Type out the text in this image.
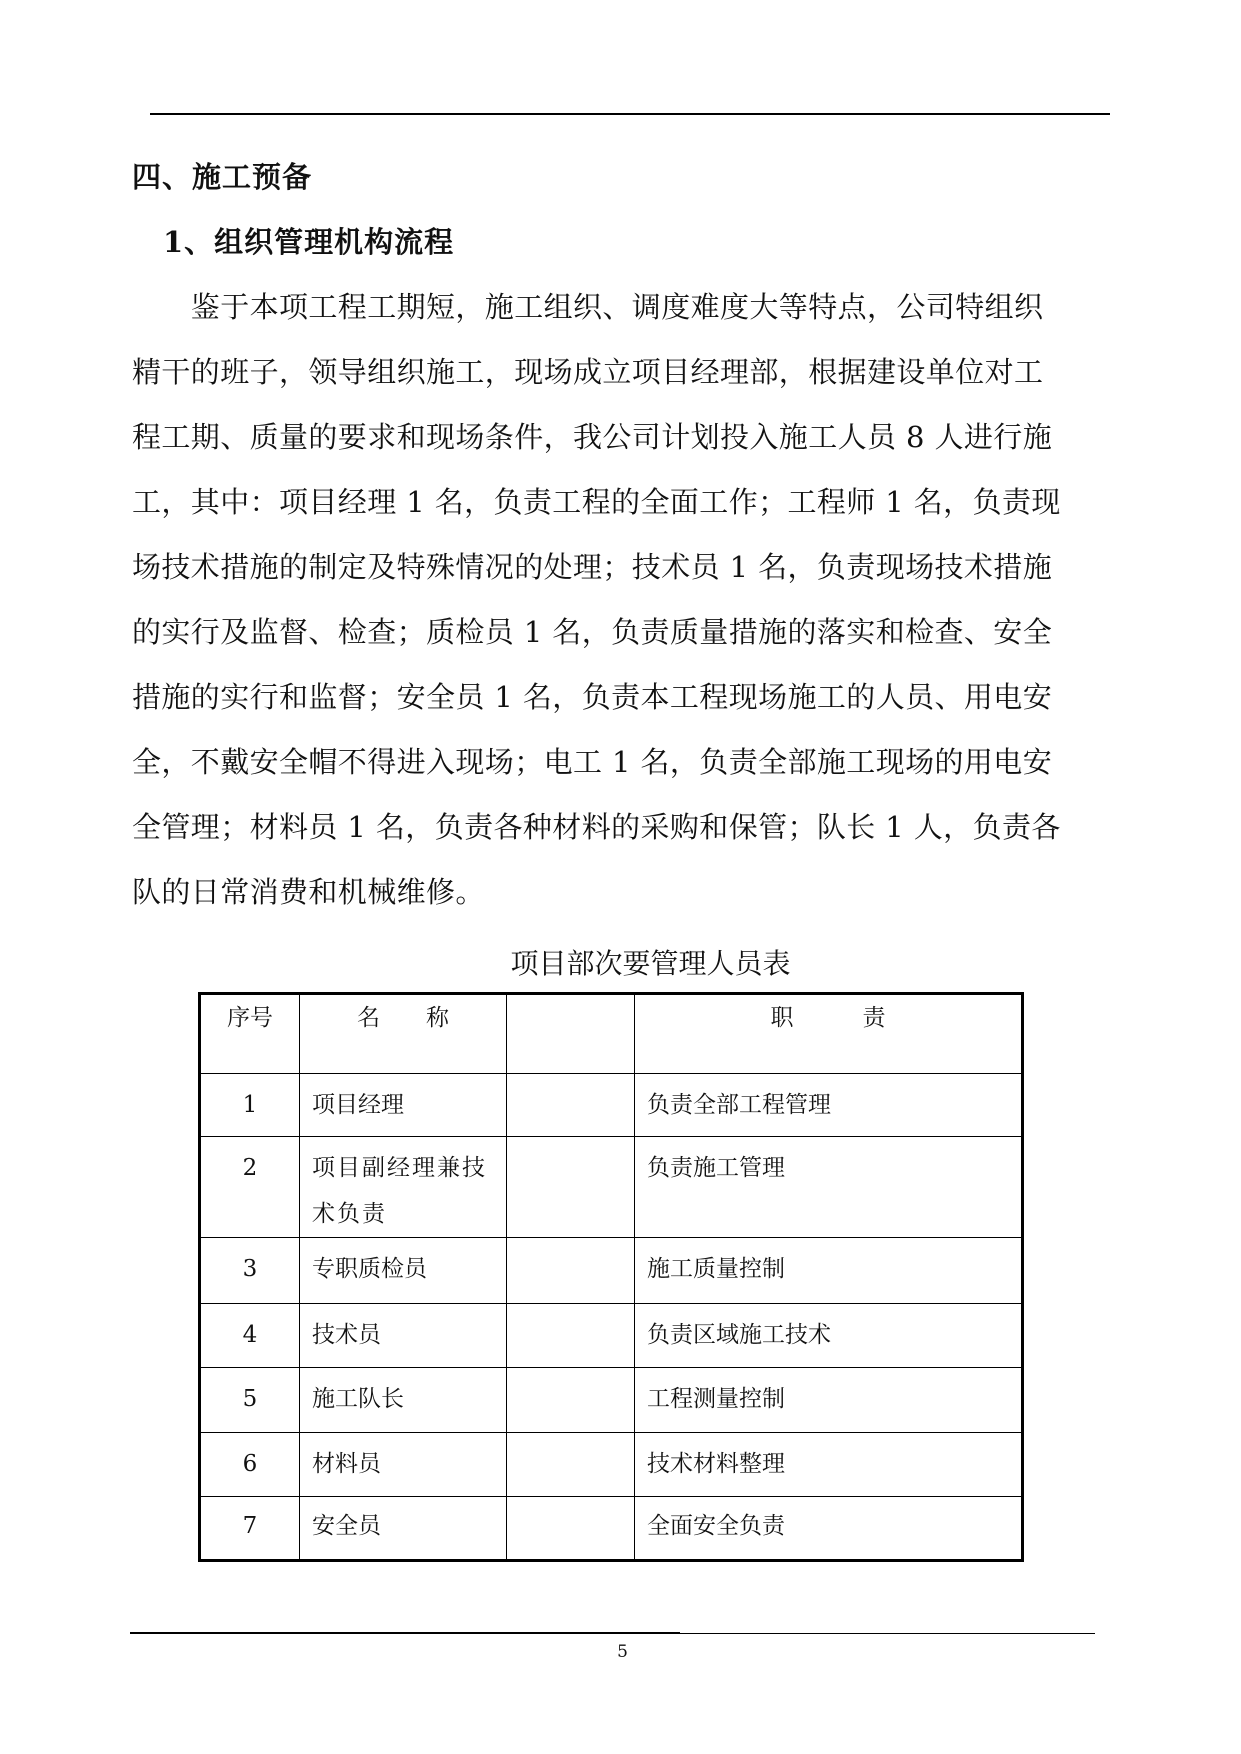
四、施工预备
1、组织管理机构流程
　　鉴于本项工程工期短，施工组织、调度难度大等特点，公司特组织
精干的班子，领导组织施工，现场成立项目经理部，根据建设单位对工
程工期、质量的要求和现场条件，我公司计划投入施工人员 8 人进行施
工，其中：项目经理 1 名，负责工程的全面工作；工程师 1 名，负责现
场技术措施的制定及特殊情况的处理；技术员 1 名，负责现场技术措施
的实行及监督、检查；质检员 1 名，负责质量措施的落实和检查、安全
措施的实行和监督；安全员 1 名，负责本工程现场施工的人员、用电安
全，不戴安全帽不得进入现场；电工 1 名，负责全部施工现场的用电安
全管理；材料员 1 名，负责各种材料的采购和保管；队长 1 人，负责各
队的日常消费和机械维修。
项目部次要管理人员表
序号	名　　称		职　　　责
1	项目经理		负责全部工程管理
2	项目副经理兼技术负责		负责施工管理
3	专职质检员		施工质量控制
4	技术员		负责区域施工技术
5	施工队长		工程测量控制
6	材料员		技术材料整理
7	安全员		全面安全负责
5
